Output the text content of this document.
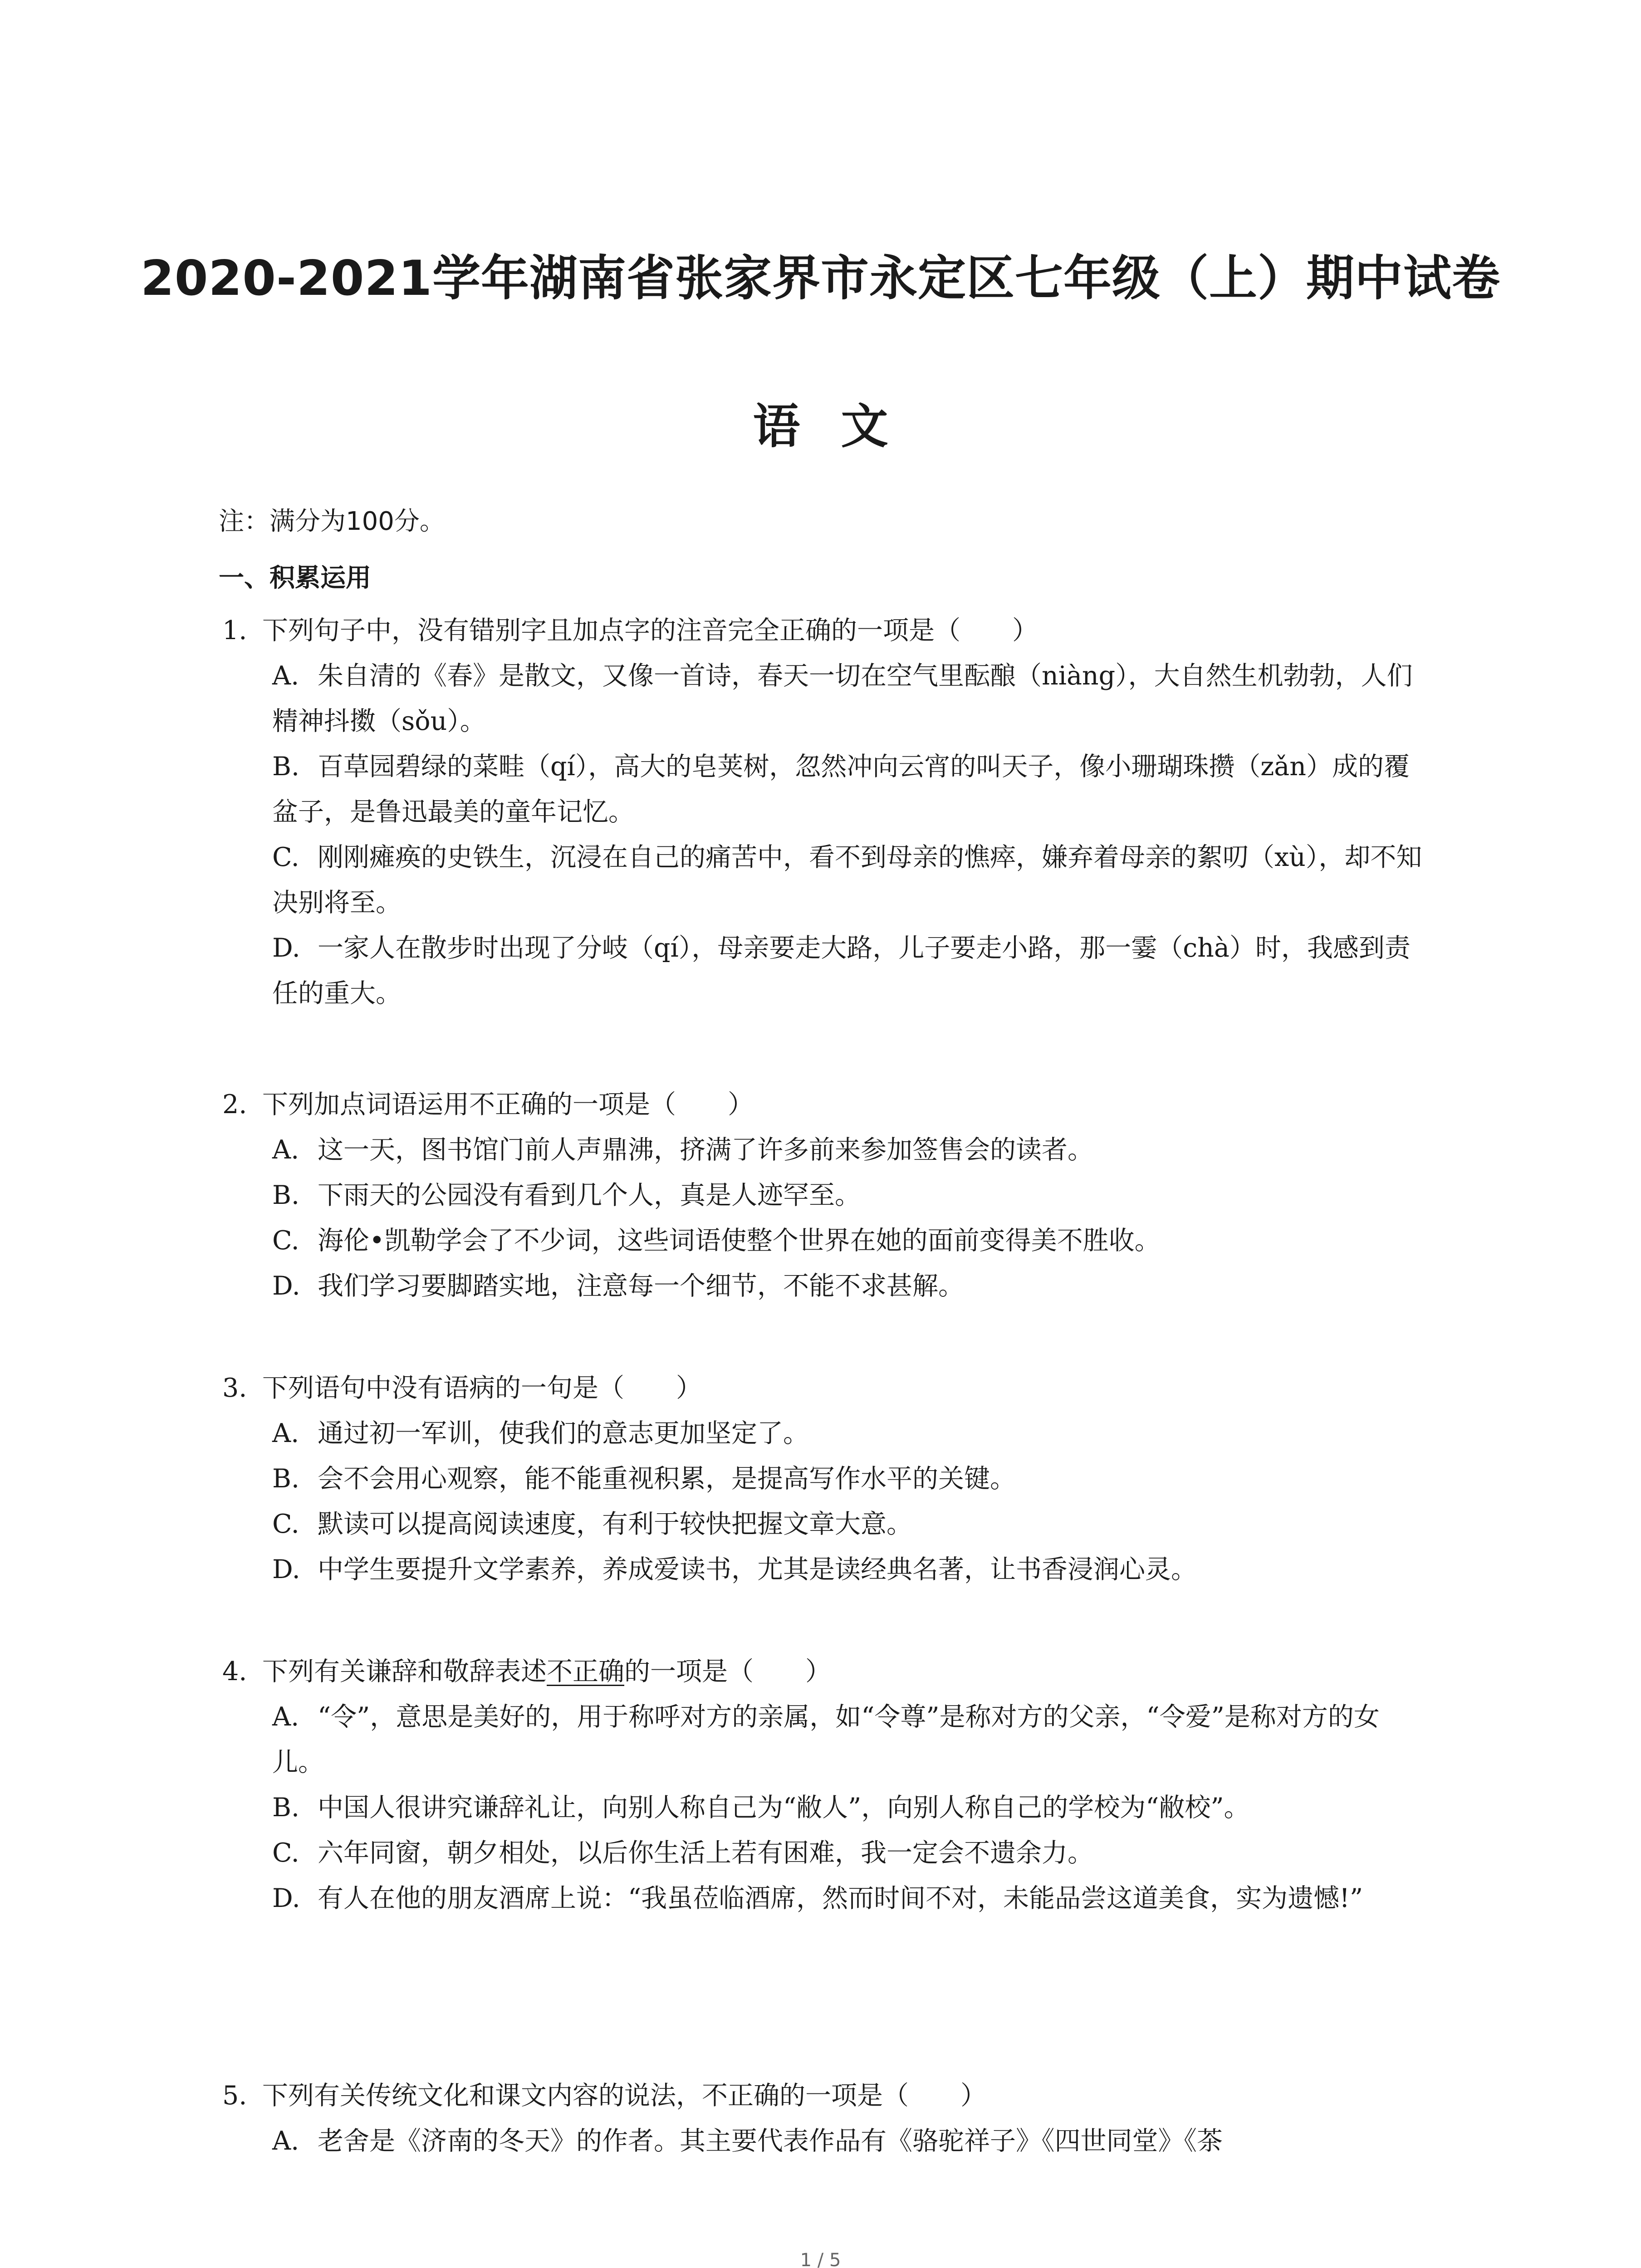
2020-2021学年湖南省张家界市永定区七年级（上）期中试卷
语文
注：满分为100分。
一、积累运用
1. 下列句子中，没有错别字且加点字的注音完全正确的一项是（　　）
A. 朱自清的《春》是散文，又像一首诗，春天一切在空气里酝酿（niàng），大自然生机勃勃，人们精神抖擞（sǒu）。
B. 百草园碧绿的菜畦（qí），高大的皂荚树，忽然冲向云宵的叫天子，像小珊瑚珠攒（zǎn）成的覆盆子，是鲁迅最美的童年记忆。
C. 刚刚瘫痪的史铁生，沉浸在自己的痛苦中，看不到母亲的憔瘁，嫌弃着母亲的絮叨（xù），却不知决别将至。
D. 一家人在散步时出现了分岐（qí），母亲要走大路，儿子要走小路，那一霎（chà）时，我感到责任的重大。
2. 下列加点词语运用不正确的一项是（　　）
A. 这一天，图书馆门前人声鼎沸，挤满了许多前来参加签售会的读者。
B. 下雨天的公园没有看到几个人，真是人迹罕至。
C. 海伦•凯勒学会了不少词，这些词语使整个世界在她的面前变得美不胜收。
D. 我们学习要脚踏实地，注意每一个细节，不能不求甚解。
3. 下列语句中没有语病的一句是（　　）
A. 通过初一军训，使我们的意志更加坚定了。
B. 会不会用心观察，能不能重视积累，是提高写作水平的关键。
C. 默读可以提高阅读速度，有利于较快把握文章大意。
D. 中学生要提升文学素养，养成爱读书，尤其是读经典名著，让书香浸润心灵。
4. 下列有关谦辞和敬辞表述不正确的一项是（　　）
A. “令”，意思是美好的，用于称呼对方的亲属，如“令尊”是称对方的父亲，“令爱”是称对方的女儿。
B. 中国人很讲究谦辞礼让，向别人称自己为“敝人”，向别人称自己的学校为“敝校”。
C. 六年同窗，朝夕相处，以后你生活上若有困难，我一定会不遗余力。
D. 有人在他的朋友酒席上说：“我虽莅临酒席，然而时间不对，未能品尝这道美食，实为遗憾!”
5. 下列有关传统文化和课文内容的说法，不正确的一项是（　　）
A. 老舍是《济南的冬天》的作者。其主要代表作品有《骆驼祥子》《四世同堂》《茶
1 / 5
